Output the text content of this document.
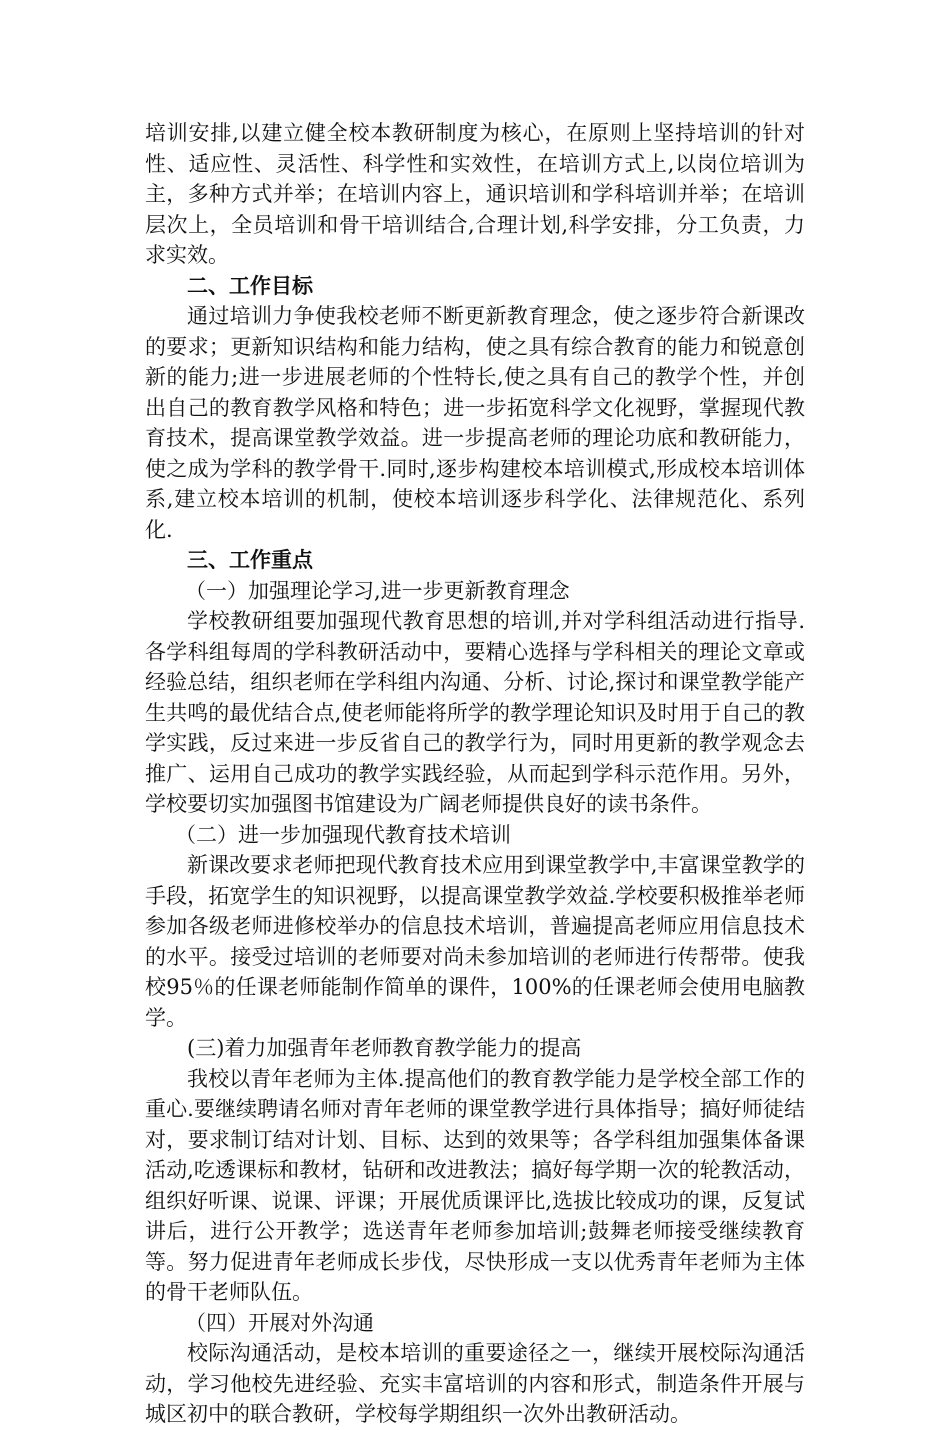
培训安排,以建立健全校本教研制度为核心，在原则上坚持培训的针对性、适应性、灵活性、科学性和实效性，在培训方式上,以岗位培训为主，多种方式并举；在培训内容上，通识培训和学科培训并举；在培训层次上，全员培训和骨干培训结合,合理计划,科学安排，分工负责，力求实效。

二、工作目标

通过培训力争使我校老师不断更新教育理念，使之逐步符合新课改的要求；更新知识结构和能力结构，使之具有综合教育的能力和锐意创新的能力;进一步进展老师的个性特长,使之具有自己的教学个性，并创出自己的教育教学风格和特色；进一步拓宽科学文化视野，掌握现代教育技术，提高课堂教学效益。进一步提高老师的理论功底和教研能力，使之成为学科的教学骨干.同时,逐步构建校本培训模式,形成校本培训体系,建立校本培训的机制，使校本培训逐步科学化、法律规范化、系列化.

三、工作重点

（一）加强理论学习,进一步更新教育理念

学校教研组要加强现代教育思想的培训,并对学科组活动进行指导.各学科组每周的学科教研活动中，要精心选择与学科相关的理论文章或经验总结，组织老师在学科组内沟通、分析、讨论,探讨和课堂教学能产生共鸣的最优结合点,使老师能将所学的教学理论知识及时用于自己的教学实践，反过来进一步反省自己的教学行为，同时用更新的教学观念去推广、运用自己成功的教学实践经验，从而起到学科示范作用。另外，学校要切实加强图书馆建设为广阔老师提供良好的读书条件。

（二）进一步加强现代教育技术培训

新课改要求老师把现代教育技术应用到课堂教学中,丰富课堂教学的手段，拓宽学生的知识视野，以提高课堂教学效益.学校要积极推举老师参加各级老师进修校举办的信息技术培训，普遍提高老师应用信息技术的水平。接受过培训的老师要对尚未参加培训的老师进行传帮带。使我校95％的任课老师能制作简单的课件，100%的任课老师会使用电脑教学。

(三)着力加强青年老师教育教学能力的提高

我校以青年老师为主体.提高他们的教育教学能力是学校全部工作的重心.要继续聘请名师对青年老师的课堂教学进行具体指导；搞好师徒结对，要求制订结对计划、目标、达到的效果等；各学科组加强集体备课活动,吃透课标和教材，钻研和改进教法；搞好每学期一次的轮教活动，组织好听课、说课、评课；开展优质课评比,选拔比较成功的课，反复试讲后，进行公开教学；选送青年老师参加培训;鼓舞老师接受继续教育等。努力促进青年老师成长步伐，尽快形成一支以优秀青年老师为主体的骨干老师队伍。

（四）开展对外沟通

校际沟通活动，是校本培训的重要途径之一，继续开展校际沟通活动，学习他校先进经验、充实丰富培训的内容和形式，制造条件开展与城区初中的联合教研，学校每学期组织一次外出教研活动。
